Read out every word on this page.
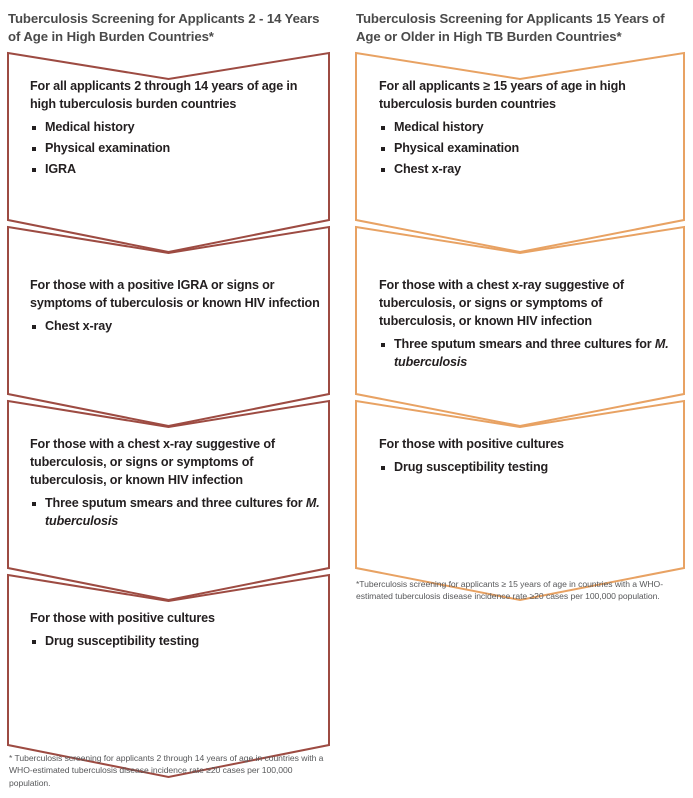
Tuberculosis Screening for Applicants 2 - 14 Years of Age in High Burden Countries*
For all applicants 2 through 14 years of age in high tuberculosis burden countries
Medical history
Physical examination
IGRA
For those with a positive IGRA or signs or symptoms of tuberculosis or known HIV infection
Chest x-ray
For those with a chest x-ray suggestive of tuberculosis, or signs or symptoms of tuberculosis, or known HIV infection
Three sputum smears and three cultures for M. tuberculosis
For those with positive cultures
Drug susceptibility testing
* Tuberculosis screening for applicants 2 through 14 years of age in countries with a WHO-estimated tuberculosis disease incidence rate ≥20 cases per 100,000 population.
Tuberculosis Screening for Applicants 15 Years of Age or Older in High TB Burden Countries*
For all applicants ≥ 15 years of age in high tuberculosis burden countries
Medical history
Physical examination
Chest x-ray
For those with a chest x-ray suggestive of tuberculosis, or signs or symptoms of tuberculosis, or known HIV infection
Three sputum smears and three cultures for M. tuberculosis
For those with positive cultures
Drug susceptibility testing
*Tuberculosis screening for applicants ≥ 15 years of age in countries with a WHO-estimated tuberculosis disease incidence rate ≥20 cases per 100,000 population.
